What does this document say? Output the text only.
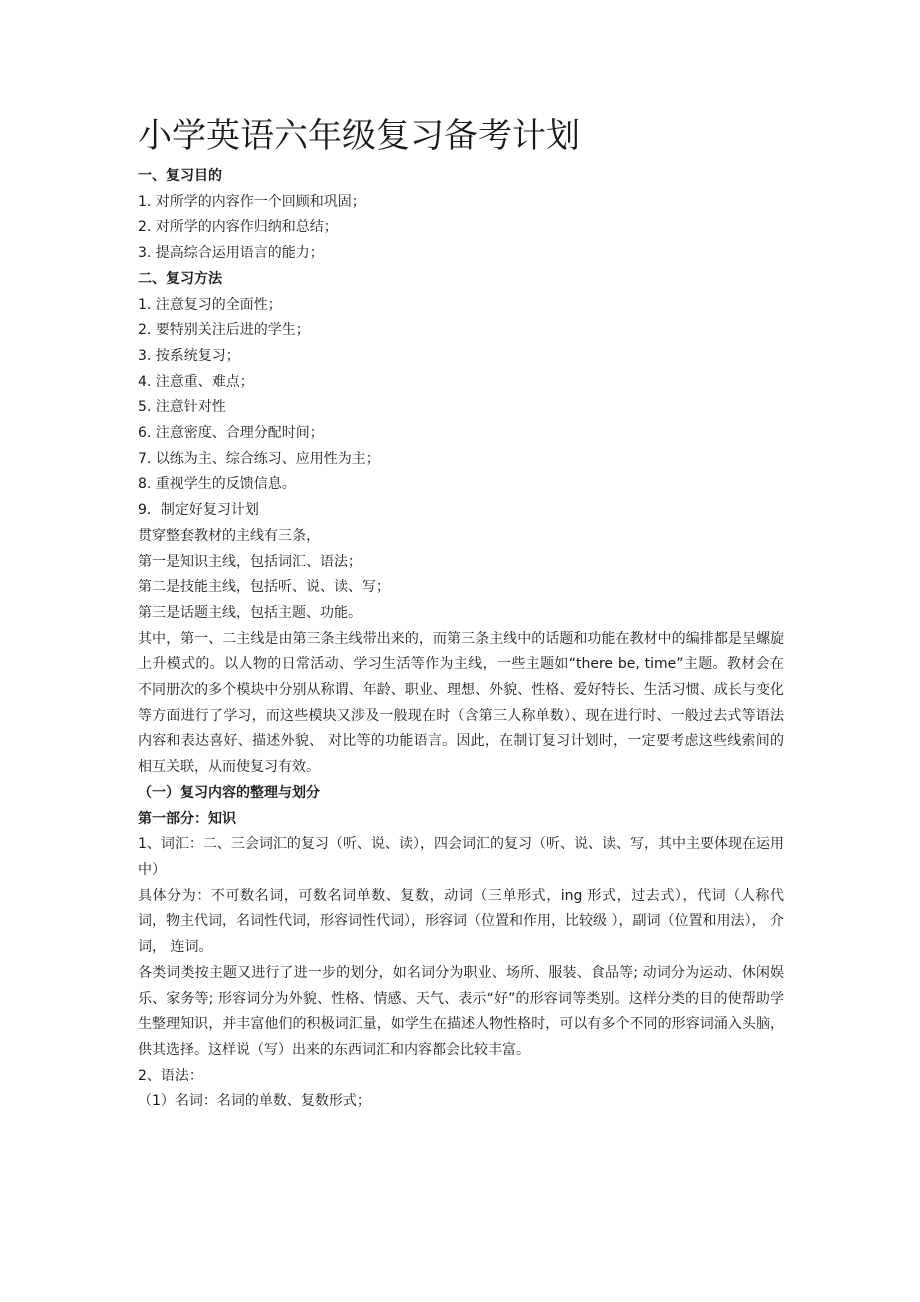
小学英语六年级复习备考计划

一、复习目的

1. 对所学的内容作一个回顾和巩固；

2. 对所学的内容作归纳和总结；

3. 提高综合运用语言的能力；

二、复习方法

1. 注意复习的全面性；

2. 要特别关注后进的学生；

3. 按系统复习；

4. 注意重、难点；

5. 注意针对性

6. 注意密度、合理分配时间；

7. 以练为主、综合练习、应用性为主；

8. 重视学生的反馈信息。

9．制定好复习计划

贯穿整套教材的主线有三条，

第一是知识主线，包括词汇、语法；

第二是技能主线，包括听、说、读、写；

第三是话题主线，包括主题、功能。

其中，第一、二主线是由第三条主线带出来的，而第三条主线中的话题和功能在教材中的编排都是呈螺旋上升模式的。以人物的日常活动、学习生活等作为主线，一些主题如“there be, time”主题。教材会在不同册次的多个模块中分别从称谓、年龄、职业、理想、外貌、性格、爱好特长、生活习惯、成长与变化等方面进行了学习，而这些模块又涉及一般现在时（含第三人称单数）、现在进行时、一般过去式等语法内容和表达喜好、描述外貌、 对比等的功能语言。因此，在制订复习计划时，一定要考虑这些线索间的相互关联，从而使复习有效。

（一）复习内容的整理与划分

第一部分：知识

1、词汇：二、三会词汇的复习（听、说、读），四会词汇的复习（听、说、读、写，其中主要体现在运用中）

具体分为：不可数名词，可数名词单数、复数，动词（三单形式，ing 形式，过去式），代词（人称代词，物主代词，名词性代词，形容词性代词），形容词（位置和作用，比较级 ），副词（位置和用法）， 介词， 连词。

各类词类按主题又进行了进一步的划分，如名词分为职业、场所、服装、食品等; 动词分为运动、休闲娱乐、家务等; 形容词分为外貌、性格、情感、天气、表示“好”的形容词等类别。这样分类的目的使帮助学生整理知识，并丰富他们的积极词汇量，如学生在描述人物性格时，可以有多个不同的形容词涌入头脑，供其选择。这样说（写）出来的东西词汇和内容都会比较丰富。

2、语法：

（1）名词：名词的单数、复数形式；
